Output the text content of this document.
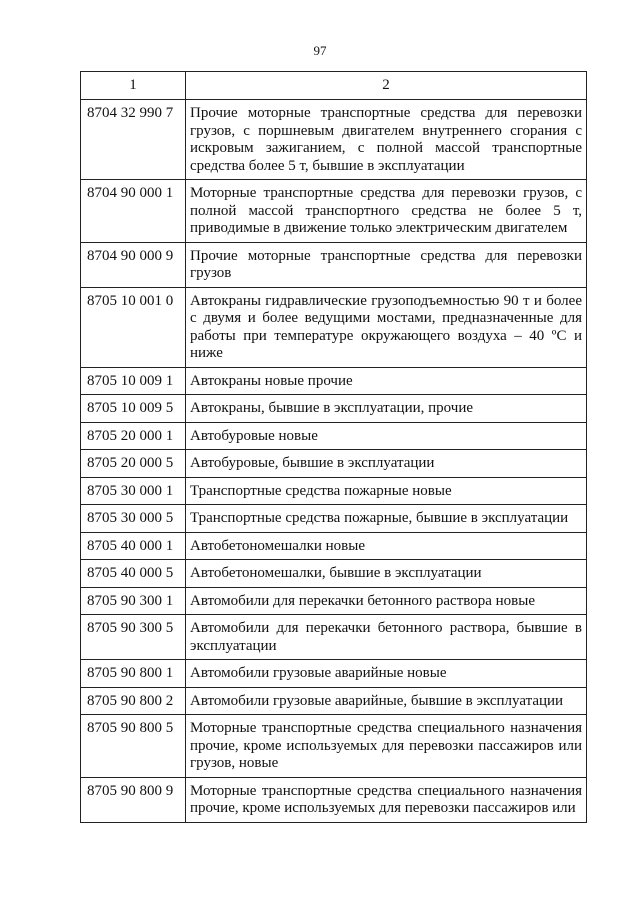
97
1	2
8704 32 990 7	Прочие моторные транспортные средства для перевозки грузов, с поршневым двигателем внутреннего сгорания с искровым зажиганием, с полной массой транспортные средства более 5 т, бывшие в эксплуатации
8704 90 000 1	Моторные транспортные средства для перевозки грузов, с полной массой транспортного средства не более 5 т, приводимые в движение только электрическим двигателем
8704 90 000 9	Прочие моторные транспортные средства для перевозки грузов
8705 10 001 0	Автокраны гидравлические грузоподъемностью 90 т и более с двумя и более ведущими мостами, предназначенные для работы при температуре окружающего воздуха – 40 ºС и ниже
8705 10 009 1	Автокраны новые прочие
8705 10 009 5	Автокраны, бывшие в эксплуатации, прочие
8705 20 000 1	Автобуровые новые
8705 20 000 5	Автобуровые, бывшие в эксплуатации
8705 30 000 1	Транспортные средства пожарные новые
8705 30 000 5	Транспортные средства пожарные, бывшие в эксплуатации
8705 40 000 1	Автобетономешалки новые
8705 40 000 5	Автобетономешалки, бывшие в эксплуатации
8705 90 300 1	Автомобили для перекачки бетонного раствора новые
8705 90 300 5	Автомобили для перекачки бетонного раствора, бывшие в эксплуатации
8705 90 800 1	Автомобили грузовые аварийные новые
8705 90 800 2	Автомобили грузовые аварийные, бывшие в эксплуатации
8705 90 800 5	Моторные транспортные средства специального назначения прочие, кроме используемых для перевозки пассажиров или грузов, новые
8705 90 800 9	Моторные транспортные средства специального назначения прочие, кроме используемых для перевозки пассажиров или
